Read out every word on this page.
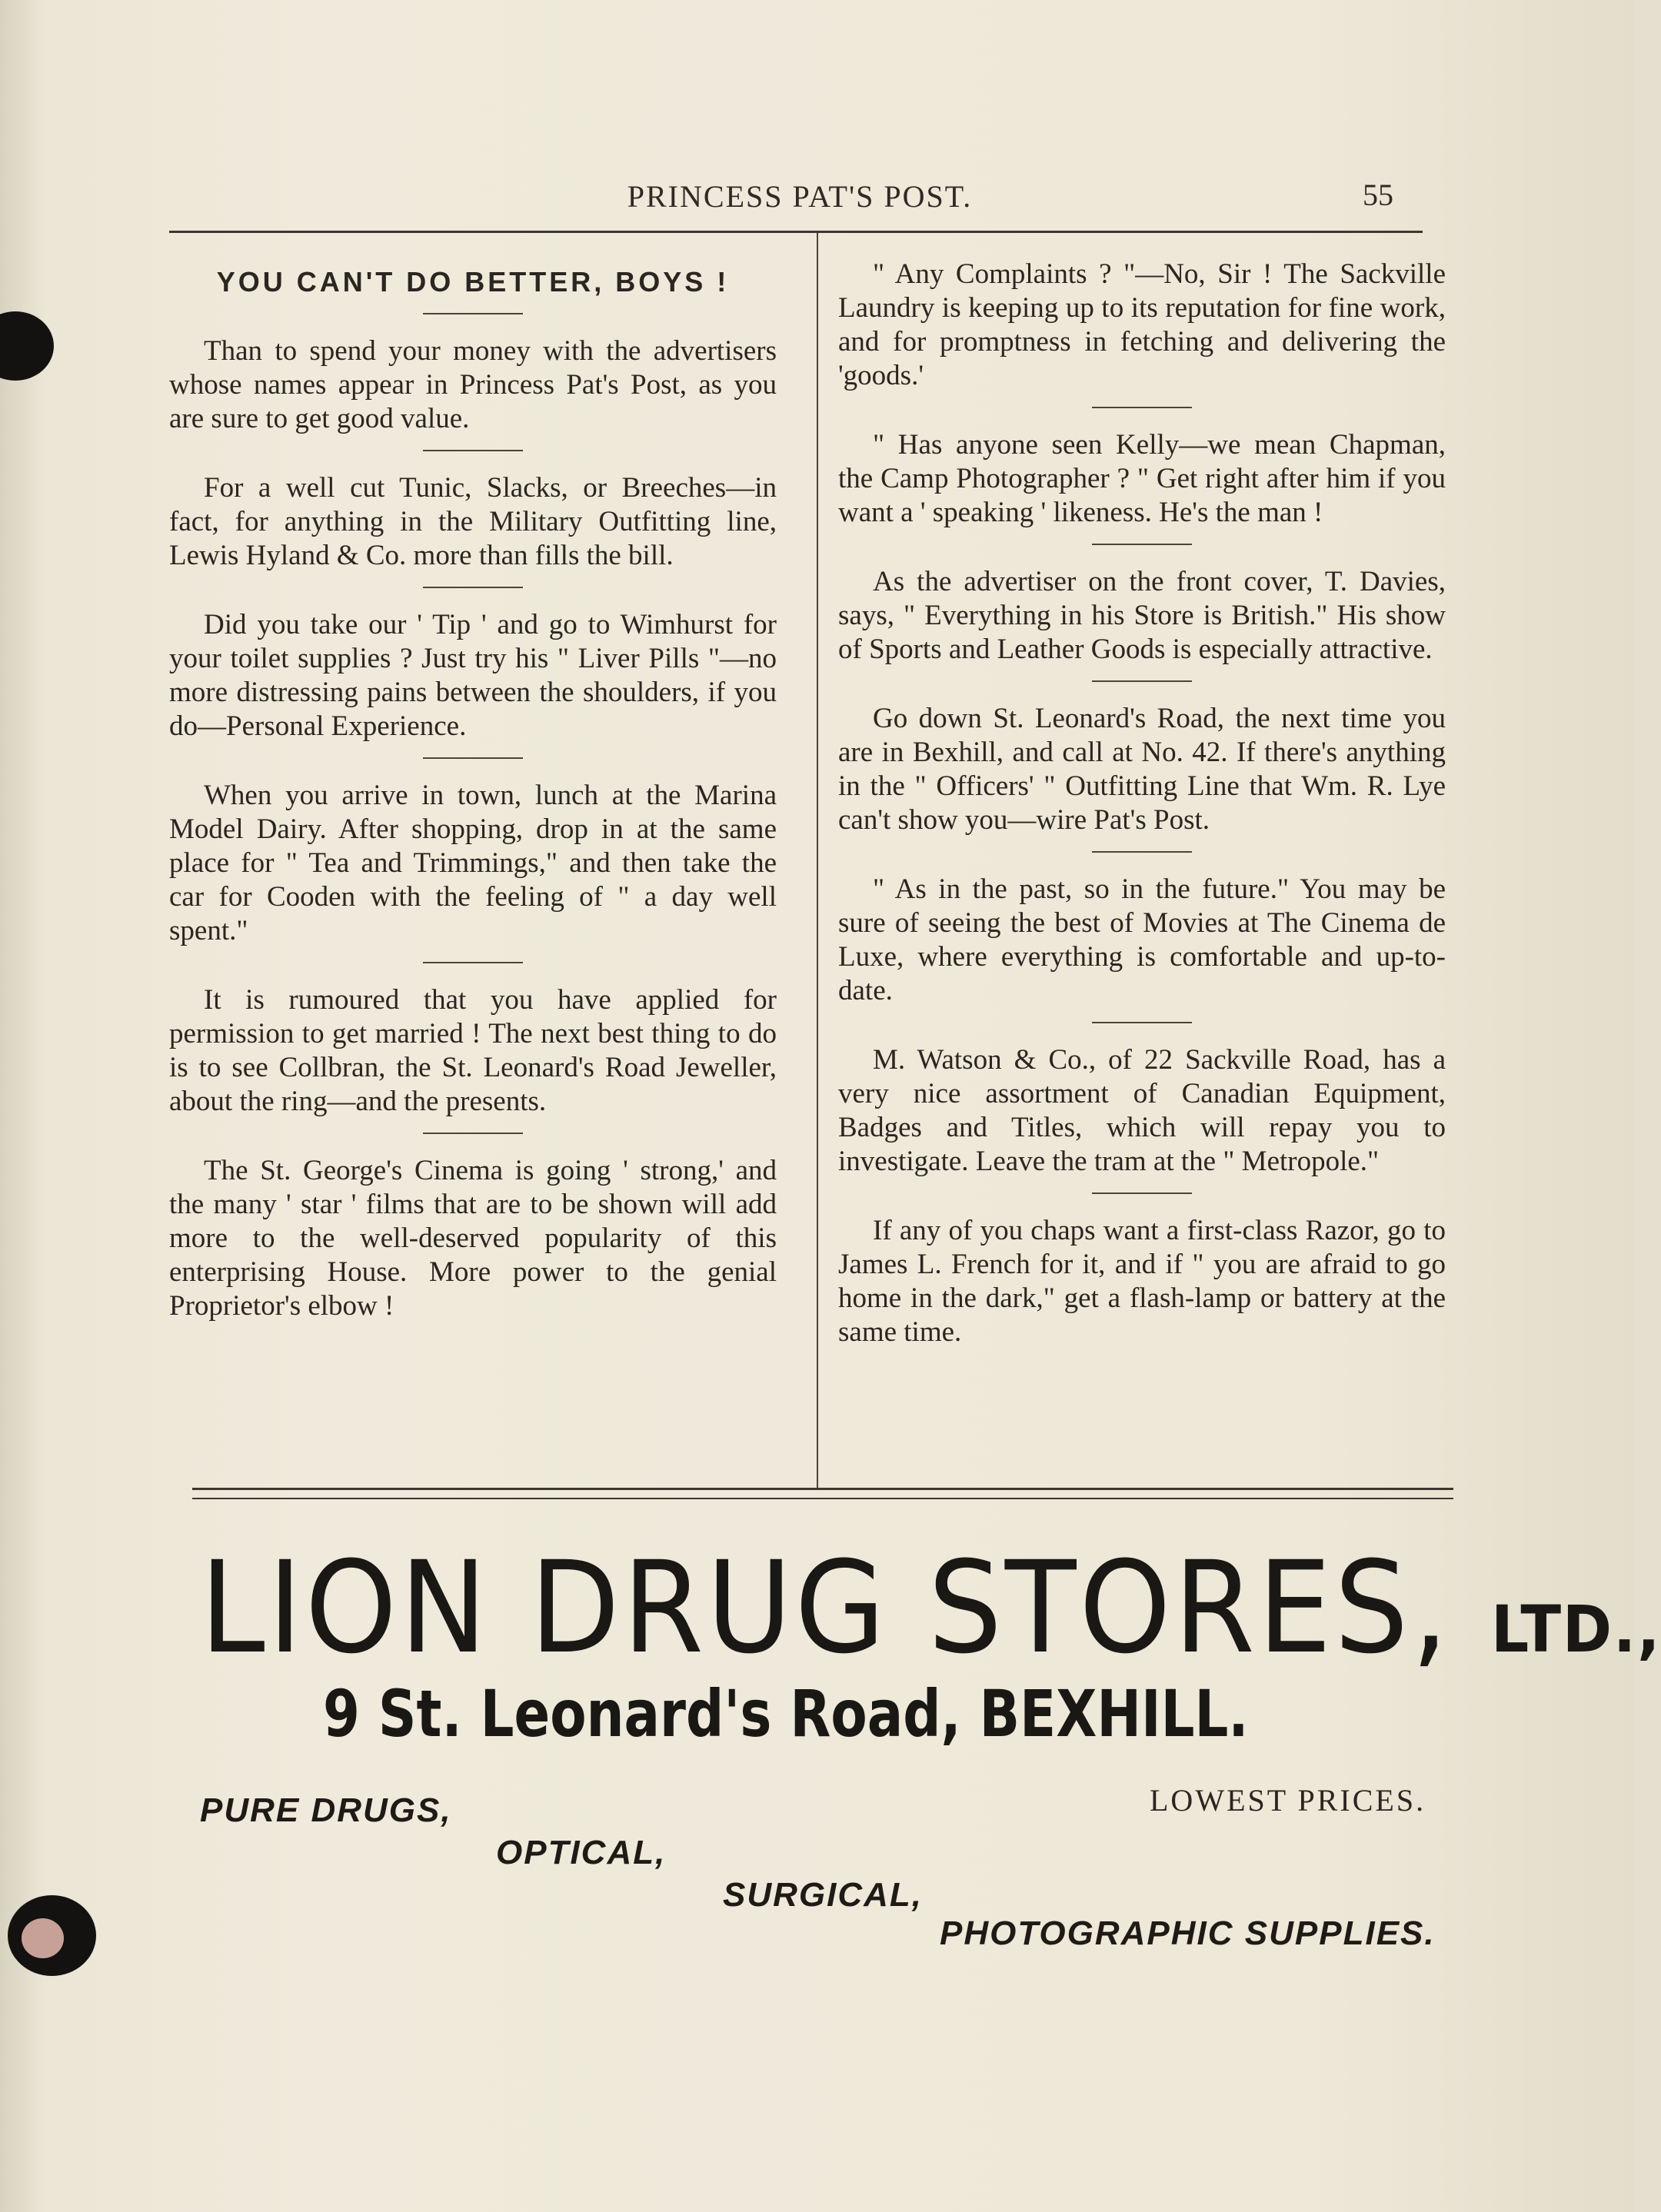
PRINCESS PAT'S POST.	55
YOU CAN'T DO BETTER, BOYS !

Than to spend your money with the advertisers whose names appear in Princess Pat's Post, as you are sure to get good value.

For a well cut Tunic, Slacks, or Breeches—in fact, for anything in the Military Outfitting line, Lewis Hyland & Co. more than fills the bill.

Did you take our ' Tip ' and go to Wimhurst for your toilet supplies ? Just try his " Liver Pills "—no more distressing pains between the shoulders, if you do—Personal Experience.

When you arrive in town, lunch at the Marina Model Dairy. After shopping, drop in at the same place for " Tea and Trimmings," and then take the car for Cooden with the feeling of " a day well spent."

It is rumoured that you have applied for permission to get married ! The next best thing to do is to see Collbran, the St. Leonard's Road Jeweller, about the ring—and the presents.

The St. George's Cinema is going ' strong,' and the many ' star ' films that are to be shown will add more to the well-deserved popularity of this enterprising House. More power to the genial Proprietor's elbow !

" Any Complaints ? "—No, Sir ! The Sackville Laundry is keeping up to its reputation for fine work, and for promptness in fetching and delivering the 'goods.'

" Has anyone seen Kelly—we mean Chapman, the Camp Photographer ? " Get right after him if you want a ' speaking ' likeness. He's the man !

As the advertiser on the front cover, T. Davies, says, " Everything in his Store is British." His show of Sports and Leather Goods is especially attractive.

Go down St. Leonard's Road, the next time you are in Bexhill, and call at No. 42. If there's anything in the " Officers' " Outfitting Line that Wm. R. Lye can't show you—wire Pat's Post.

" As in the past, so in the future." You may be sure of seeing the best of Movies at The Cinema de Luxe, where everything is comfortable and up-to-date.

M. Watson & Co., of 22 Sackville Road, has a very nice assortment of Canadian Equipment, Badges and Titles, which will repay you to investigate. Leave the tram at the " Metropole."

If any of you chaps want a first-class Razor, go to James L. French for it, and if " you are afraid to go home in the dark," get a flash-lamp or battery at the same time.

LION DRUG STORES, LTD.,
9 St. Leonard's Road, BEXHILL.
PURE DRUGS,	LOWEST PRICES.
OPTICAL,
SURGICAL,
PHOTOGRAPHIC SUPPLIES.
